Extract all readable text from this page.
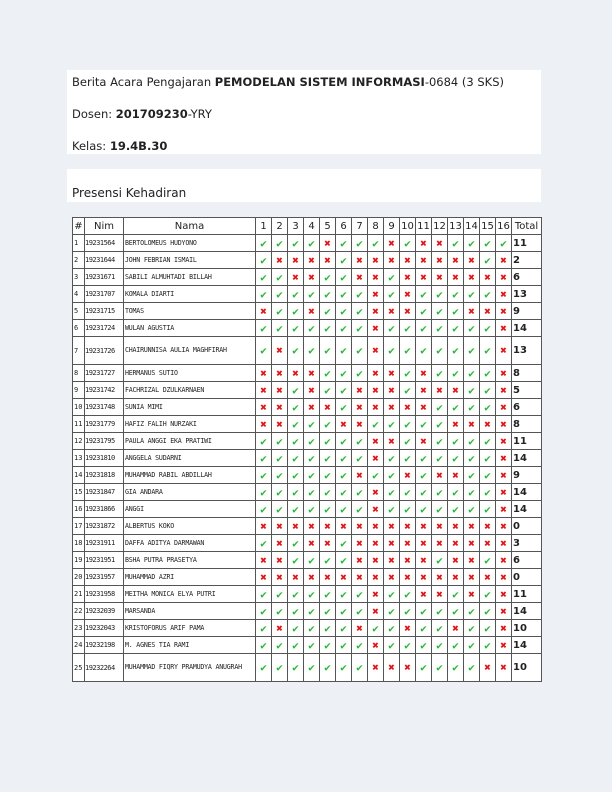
Berita Acara Pengajaran PEMODELAN SISTEM INFORMASI-0684 (3 SKS)
Dosen: 201709230-YRY
Kelas: 19.4B.30
Presensi Kehadiran
#	Nim	Nama	1	2	3	4	5	6	7	8	9	10	11	12	13	14	15	16	Total
1	19231564	BERTOLOMEUS HUDYONO	✔	✔	✔	✔	✖	✔	✔	✔	✖	✔	✖	✖	✔	✔	✔	✔	11
2	19231644	JOHN FEBRIAN ISMAIL	✔	✖	✖	✖	✖	✔	✖	✖	✖	✖	✖	✖	✖	✖	✔	✖	2
3	19231671	SABILI ALMUHTADI BILLAH	✔	✔	✖	✖	✔	✔	✖	✖	✔	✖	✖	✖	✖	✖	✖	✖	6
4	19231707	KOMALA DIARTI	✔	✔	✔	✔	✔	✔	✔	✖	✔	✖	✔	✔	✔	✔	✔	✖	13
5	19231715	TOMAS	✖	✔	✔	✖	✔	✔	✔	✖	✖	✖	✔	✔	✔	✖	✖	✖	9
6	19231724	WULAN AGUSTIA	✔	✔	✔	✔	✔	✔	✔	✖	✔	✔	✔	✔	✔	✔	✔	✖	14
7	19231726	CHAIRUNNISA AULIA MAGHFIRAH	✔	✖	✔	✔	✔	✔	✔	✖	✔	✔	✔	✔	✔	✔	✔	✖	13
8	19231727	HERMANUS SUTIO	✖	✖	✖	✖	✔	✔	✔	✖	✖	✔	✖	✔	✔	✔	✔	✖	8
9	19231742	FACHRIZAL DZULKARNAEN	✖	✖	✔	✖	✔	✔	✖	✖	✖	✔	✖	✖	✖	✔	✔	✖	5
10	19231748	SUNIA MIMI	✖	✖	✔	✖	✖	✔	✖	✖	✖	✖	✖	✔	✔	✔	✔	✖	6
11	19231779	HAFIZ FALIH NURZAKI	✖	✖	✔	✔	✔	✖	✖	✔	✔	✔	✔	✔	✖	✖	✖	✖	8
12	19231795	PAULA ANGGI EKA PRATIWI	✔	✔	✔	✔	✔	✔	✔	✖	✖	✔	✖	✔	✔	✔	✔	✖	11
13	19231810	ANGGELA SUDARNI	✔	✔	✔	✔	✔	✔	✔	✖	✔	✔	✔	✔	✔	✔	✔	✖	14
14	19231818	MUHAMMAD RABIL ABDILLAH	✔	✔	✔	✔	✔	✔	✖	✔	✔	✖	✔	✖	✖	✔	✔	✖	9
15	19231847	GIA ANDARA	✔	✔	✔	✔	✔	✔	✔	✖	✔	✔	✔	✔	✔	✔	✔	✖	14
16	19231866	ANGGI	✔	✔	✔	✔	✔	✔	✔	✖	✔	✔	✔	✔	✔	✔	✔	✖	14
17	19231872	ALBERTUS KOKO	✖	✖	✖	✖	✖	✖	✖	✖	✖	✖	✖	✖	✖	✖	✖	✖	0
18	19231911	DAFFA ADITYA DARMAWAN	✔	✖	✔	✖	✖	✔	✖	✖	✖	✖	✖	✖	✖	✖	✖	✖	3
19	19231951	BSHA PUTRA PRASETYA	✖	✖	✔	✔	✔	✔	✖	✖	✖	✖	✖	✔	✖	✖	✔	✖	6
20	19231957	MUHAMMAD AZRI	✖	✖	✖	✖	✖	✖	✖	✖	✖	✖	✖	✖	✖	✖	✖	✖	0
21	19231958	MEITHA MONICA ELYA PUTRI	✔	✔	✔	✔	✔	✔	✔	✖	✔	✔	✖	✖	✔	✖	✔	✖	11
22	19232039	MARSANDA	✔	✔	✔	✔	✔	✔	✔	✖	✔	✔	✔	✔	✔	✔	✔	✖	14
23	19232043	KRISTOFORUS ARIF PAMA	✔	✖	✔	✔	✔	✔	✖	✔	✔	✖	✔	✔	✖	✔	✔	✖	10
24	19232198	M. AGNES TIA RAMI	✔	✔	✔	✔	✔	✔	✔	✖	✔	✔	✔	✔	✔	✔	✔	✖	14
25	19232264	MUHAMMAD FIQRY PRAMUDYA ANUGRAH	✔	✔	✔	✔	✔	✔	✔	✖	✖	✖	✔	✔	✔	✔	✖	✖	10
